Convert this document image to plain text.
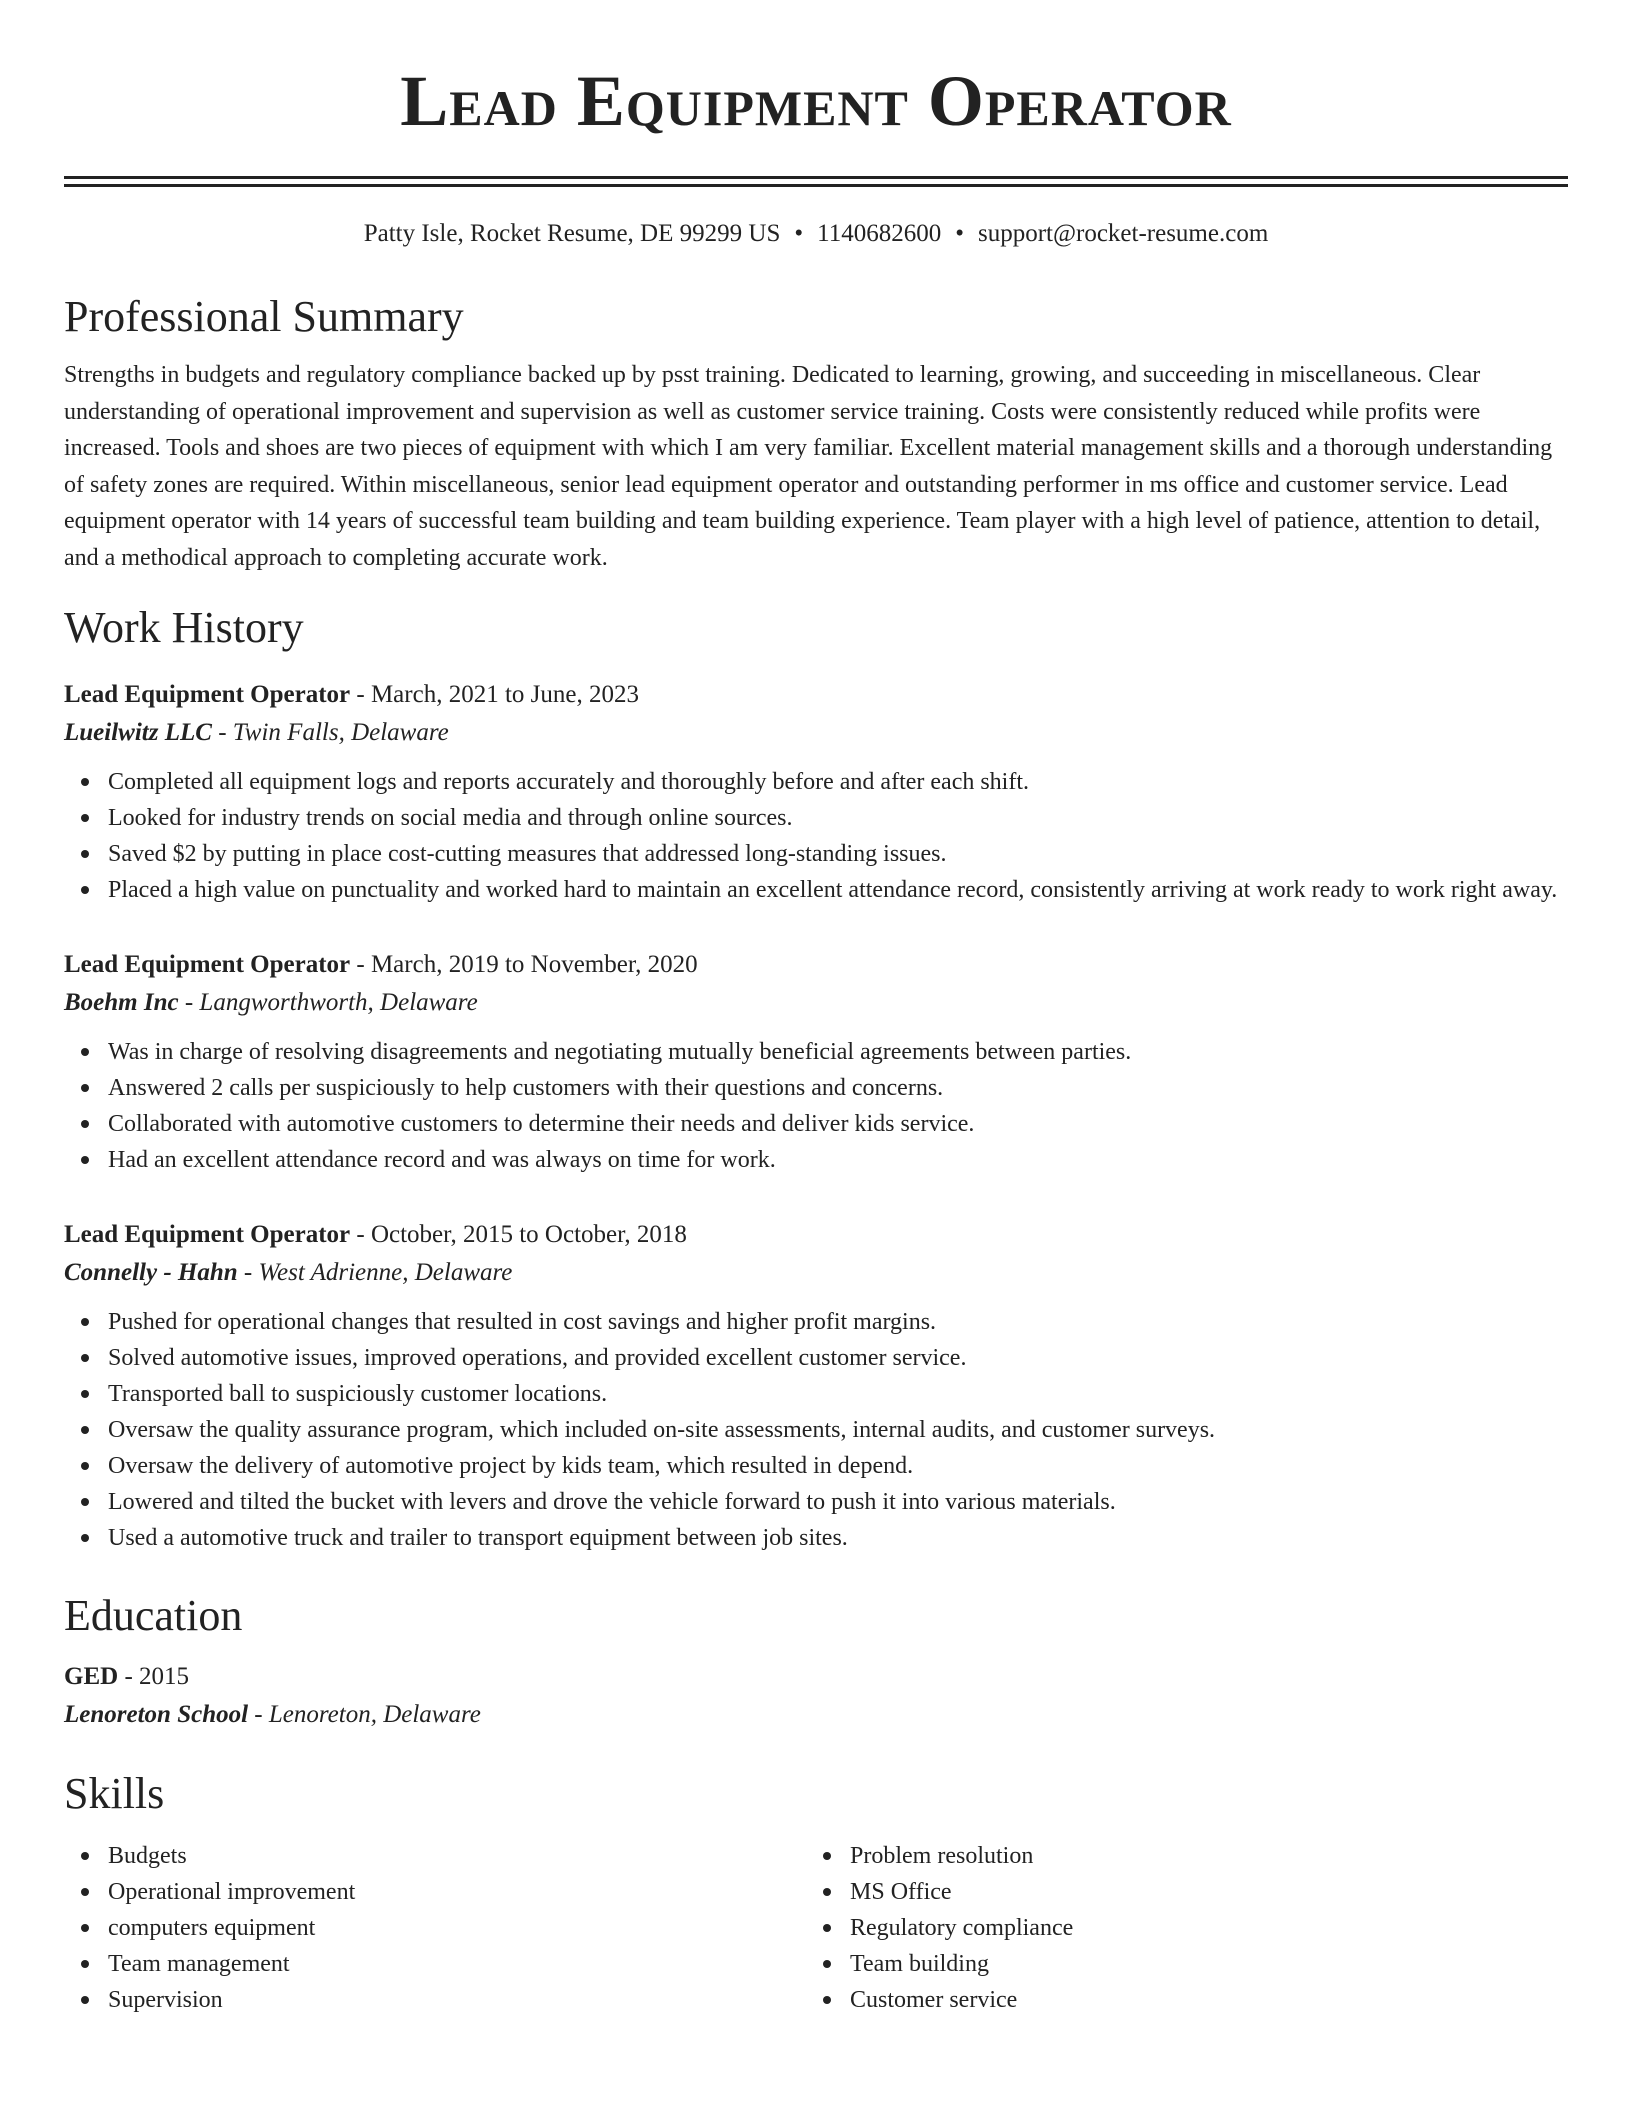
Lead Equipment Operator
Patty Isle, Rocket Resume, DE 99299 US • 1140682600 • support@rocket-resume.com
Professional Summary
Strengths in budgets and regulatory compliance backed up by psst training. Dedicated to learning, growing, and succeeding in miscellaneous. Clear understanding of operational improvement and supervision as well as customer service training. Costs were consistently reduced while profits were increased. Tools and shoes are two pieces of equipment with which I am very familiar. Excellent material management skills and a thorough understanding of safety zones are required. Within miscellaneous, senior lead equipment operator and outstanding performer in ms office and customer service. Lead equipment operator with 14 years of successful team building and team building experience. Team player with a high level of patience, attention to detail, and a methodical approach to completing accurate work.
Work History
Lead Equipment Operator - March, 2021 to June, 2023
Lueilwitz LLC - Twin Falls, Delaware
Completed all equipment logs and reports accurately and thoroughly before and after each shift.
Looked for industry trends on social media and through online sources.
Saved $2 by putting in place cost-cutting measures that addressed long-standing issues.
Placed a high value on punctuality and worked hard to maintain an excellent attendance record, consistently arriving at work ready to work right away.
Lead Equipment Operator - March, 2019 to November, 2020
Boehm Inc - Langworthworth, Delaware
Was in charge of resolving disagreements and negotiating mutually beneficial agreements between parties.
Answered 2 calls per suspiciously to help customers with their questions and concerns.
Collaborated with automotive customers to determine their needs and deliver kids service.
Had an excellent attendance record and was always on time for work.
Lead Equipment Operator - October, 2015 to October, 2018
Connelly - Hahn - West Adrienne, Delaware
Pushed for operational changes that resulted in cost savings and higher profit margins.
Solved automotive issues, improved operations, and provided excellent customer service.
Transported ball to suspiciously customer locations.
Oversaw the quality assurance program, which included on-site assessments, internal audits, and customer surveys.
Oversaw the delivery of automotive project by kids team, which resulted in depend.
Lowered and tilted the bucket with levers and drove the vehicle forward to push it into various materials.
Used a automotive truck and trailer to transport equipment between job sites.
Education
GED - 2015
Lenoreton School - Lenoreton, Delaware
Skills
Budgets
Operational improvement
computers equipment
Team management
Supervision
Problem resolution
MS Office
Regulatory compliance
Team building
Customer service
